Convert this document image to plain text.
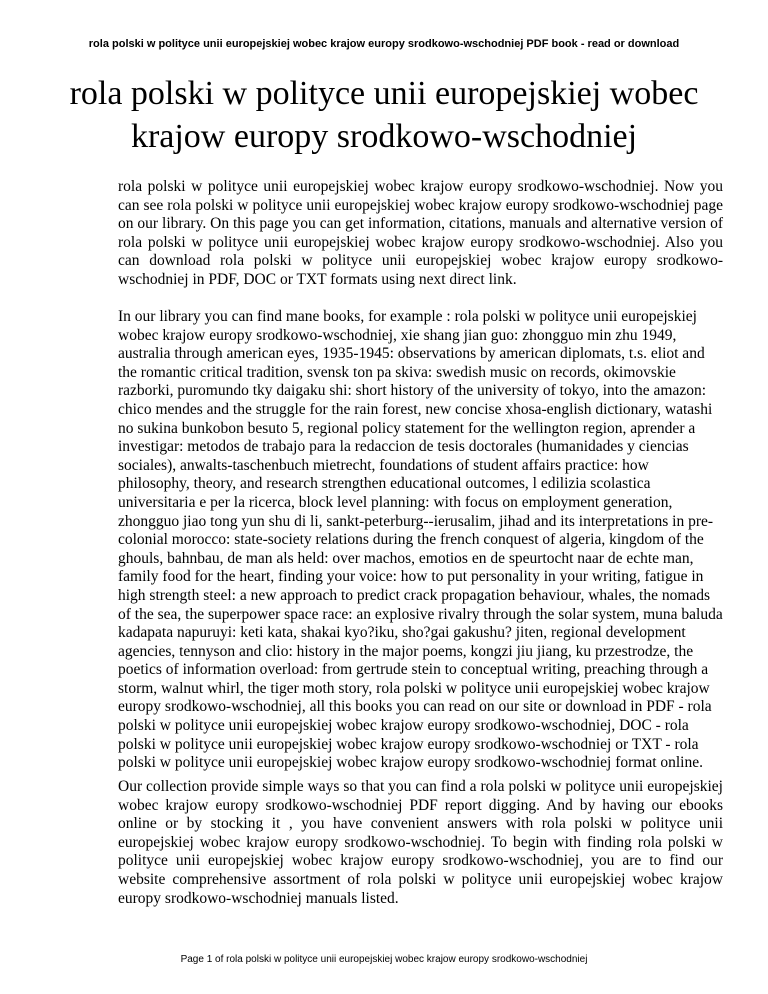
rola polski w polityce unii europejskiej wobec krajow europy srodkowo-wschodniej PDF book - read or download
rola polski w polityce unii europejskiej wobec krajow europy srodkowo-wschodniej

rola polski w polityce unii europejskiej wobec krajow europy srodkowo-wschodniej. Now you can see rola polski w polityce unii europejskiej wobec krajow europy srodkowo-wschodniej page on our library. On this page you can get information, citations, manuals and alternative version of rola polski w polityce unii europejskiej wobec krajow europy srodkowo-wschodniej. Also you can download rola polski w polityce unii europejskiej wobec krajow europy srodkowo-wschodniej in PDF, DOC or TXT formats using next direct link.

In our library you can find mane books, for example : rola polski w polityce unii europejskiej wobec krajow europy srodkowo-wschodniej, xie shang jian guo: zhongguo min zhu 1949, australia through american eyes, 1935-1945: observations by american diplomats, t.s. eliot and the romantic critical tradition, svensk ton pa skiva: swedish music on records, okimovskie razborki, puromundo tky daigaku shi: short history of the university of tokyo, into the amazon: chico mendes and the struggle for the rain forest, new concise xhosa-english dictionary, watashi no sukina bunkobon besuto 5, regional policy statement for the wellington region, aprender a investigar: metodos de trabajo para la redaccion de tesis doctorales (humanidades y ciencias sociales), anwalts-taschenbuch mietrecht, foundations of student affairs practice: how philosophy, theory, and research strengthen educational outcomes, l edilizia scolastica universitaria e per la ricerca, block level planning: with focus on employment generation, zhongguo jiao tong yun shu di li, sankt-peterburg--ierusalim, jihad and its interpretations in pre-colonial morocco: state-society relations during the french conquest of algeria, kingdom of the ghouls, bahnbau, de man als held: over machos, emotios en de speurtocht naar de echte man, family food for the heart, finding your voice: how to put personality in your writing, fatigue in high strength steel: a new approach to predict crack propagation behaviour, whales, the nomads of the sea, the superpower space race: an explosive rivalry through the solar system, muna baluda kadapata napuruyi: keti kata, shakai kyo?iku, sho?gai gakushu? jiten, regional development agencies, tennyson and clio: history in the major poems, kongzi jiu jiang, ku przestrodze, the poetics of information overload: from gertrude stein to conceptual writing, preaching through a storm, walnut whirl, the tiger moth story, rola polski w polityce unii europejskiej wobec krajow europy srodkowo-wschodniej, all this books you can read on our site or download in PDF - rola polski w polityce unii europejskiej wobec krajow europy srodkowo-wschodniej, DOC - rola polski w polityce unii europejskiej wobec krajow europy srodkowo-wschodniej or TXT - rola polski w polityce unii europejskiej wobec krajow europy srodkowo-wschodniej format online.

Our collection provide simple ways so that you can find a rola polski w polityce unii europejskiej wobec krajow europy srodkowo-wschodniej PDF report digging. And by having our ebooks online or by stocking it , you have convenient answers with rola polski w polityce unii europejskiej wobec krajow europy srodkowo-wschodniej. To begin with finding rola polski w polityce unii europejskiej wobec krajow europy srodkowo-wschodniej, you are to find our website comprehensive assortment of rola polski w polityce unii europejskiej wobec krajow europy srodkowo-wschodniej manuals listed.

Page 1 of rola polski w polityce unii europejskiej wobec krajow europy srodkowo-wschodniej
